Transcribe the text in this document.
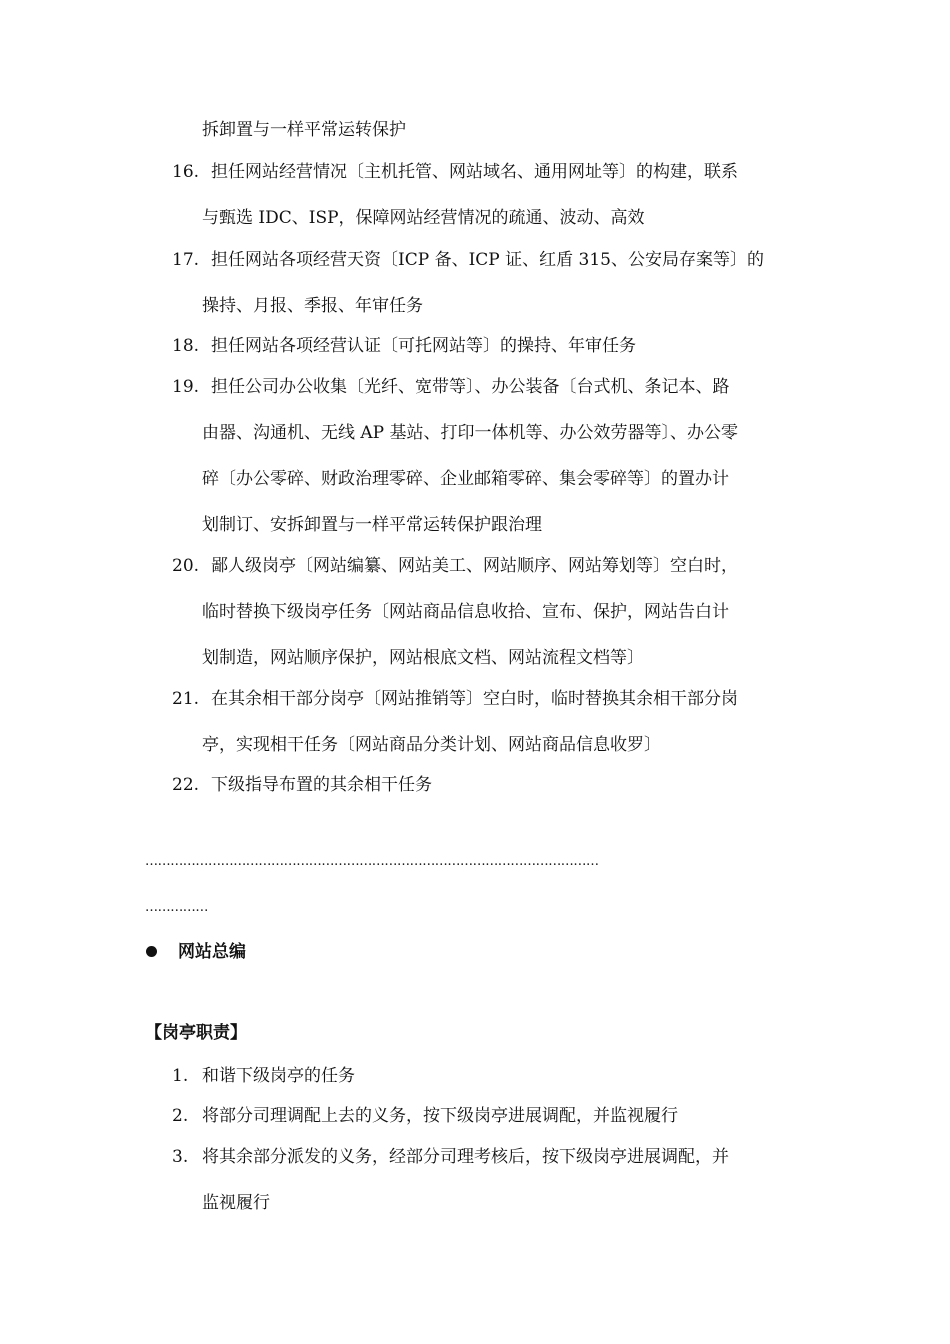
拆卸置与一样平常运转保护
16. 担任网站经营情况〔主机托管、网站域名、通用网址等〕的构建，联系
与甄选 IDC、ISP，保障网站经营情况的疏通、波动、高效
17. 担任网站各项经营天资〔ICP 备、ICP 证、红盾 315、公安局存案等〕的
操持、月报、季报、年审任务
18. 担任网站各项经营认证〔可托网站等〕的操持、年审任务
19. 担任公司办公收集〔光纤、宽带等〕、办公装备〔台式机、条记本、路
由器、沟通机、无线 AP 基站、打印一体机等、办公效劳器等〕、办公零
碎〔办公零碎、财政治理零碎、企业邮箱零碎、集会零碎等〕的置办计
划制订、安拆卸置与一样平常运转保护跟治理
20. 鄙人级岗亭〔网站编纂、网站美工、网站顺序、网站筹划等〕空白时，
临时替换下级岗亭任务〔网站商品信息收拾、宣布、保护，网站告白计
划制造，网站顺序保护，网站根底文档、网站流程文档等〕
21. 在其余相干部分岗亭〔网站推销等〕空白时，临时替换其余相干部分岗
亭，实现相干任务〔网站商品分类计划、网站商品信息收罗〕
22. 下级指导布置的其余相干任务
………………………………………………………………………………………………
……………
网站总编
【岗亭职责】
1. 和谐下级岗亭的任务
2. 将部分司理调配上去的义务，按下级岗亭进展调配，并监视履行
3. 将其余部分派发的义务，经部分司理考核后，按下级岗亭进展调配，并
监视履行
